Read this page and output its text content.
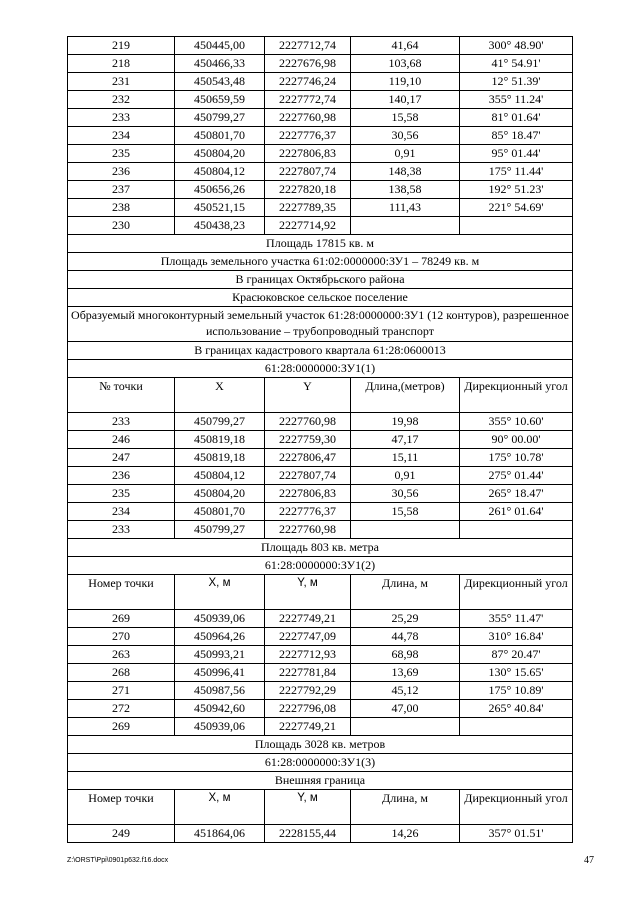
219	450445,00	2227712,74	41,64	300° 48.90'
218	450466,33	2227676,98	103,68	41° 54.91'
231	450543,48	2227746,24	119,10	12° 51.39'
232	450659,59	2227772,74	140,17	355° 11.24'
233	450799,27	2227760,98	15,58	81° 01.64'
234	450801,70	2227776,37	30,56	85° 18.47'
235	450804,20	2227806,83	0,91	95° 01.44'
236	450804,12	2227807,74	148,38	175° 11.44'
237	450656,26	2227820,18	138,58	192° 51.23'
238	450521,15	2227789,35	111,43	221° 54.69'
230	450438,23	2227714,92		
Площадь 17815 кв. м				
Площадь земельного участка 61:02:0000000:ЗУ1 – 78249 кв. м				
В границах Октябрьского района				
Красюковское сельское поселение				
Образуемый многоконтурный земельный участок 61:28:0000000:ЗУ1 (12 контуров), разрешенное использование – трубопроводный транспорт				
В границах кадастрового квартала 61:28:0600013				
61:28:0000000:ЗУ1(1)				
№ точки	X	Y	Длина,(метров)	Дирекционный угол
233	450799,27	2227760,98	19,98	355° 10.60'
246	450819,18	2227759,30	47,17	90° 00.00'
247	450819,18	2227806,47	15,11	175° 10.78'
236	450804,12	2227807,74	0,91	275° 01.44'
235	450804,20	2227806,83	30,56	265° 18.47'
234	450801,70	2227776,37	15,58	261° 01.64'
233	450799,27	2227760,98		
Площадь 803 кв. метра				
61:28:0000000:ЗУ1(2)				
Номер точки	X, м	Y, м	Длина, м	Дирекционный угол
269	450939,06	2227749,21	25,29	355° 11.47'
270	450964,26	2227747,09	44,78	310° 16.84'
263	450993,21	2227712,93	68,98	87° 20.47'
268	450996,41	2227781,84	13,69	130° 15.65'
271	450987,56	2227792,29	45,12	175° 10.89'
272	450942,60	2227796,08	47,00	265° 40.84'
269	450939,06	2227749,21		
Площадь 3028 кв. метров				
61:28:0000000:ЗУ1(3)				
Внешняя граница				
Номер точки	X, м	Y, м	Длина, м	Дирекционный угол
249	451864,06	2228155,44	14,26	357° 01.51'
Z:\ORST\Ppi\0901p632.f16.docx	47
